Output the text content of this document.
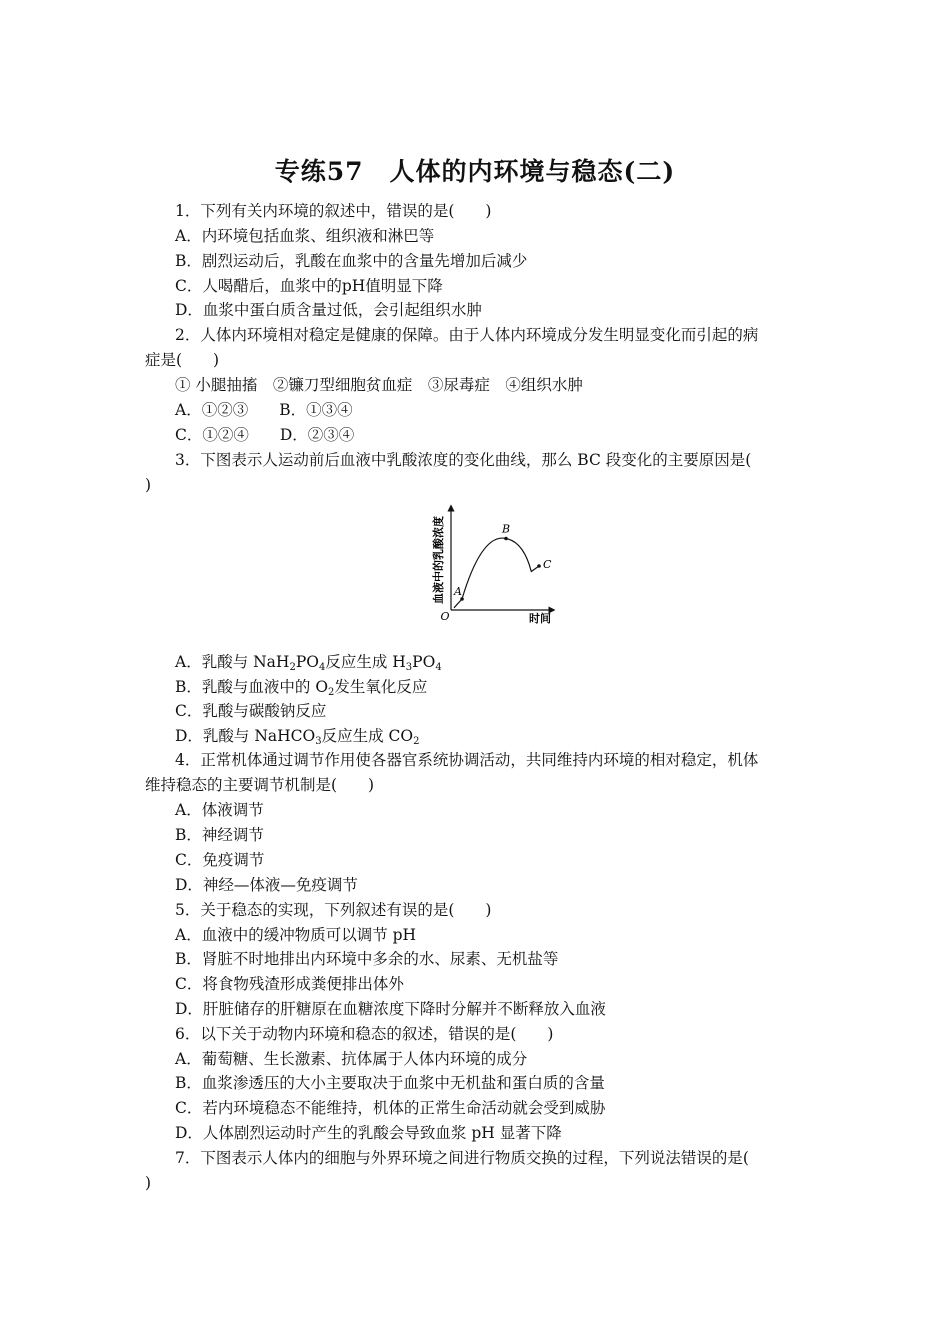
专练57　人体的内环境与稳态(二)
1．下列有关内环境的叙述中，错误的是(　　)
A．内环境包括血浆、组织液和淋巴等
B．剧烈运动后，乳酸在血浆中的含量先增加后减少
C．人喝醋后，血浆中的pH值明显下降
D．血浆中蛋白质含量过低，会引起组织水肿
2．人体内环境相对稳定是健康的保障。由于人体内环境成分发生明显变化而引起的病
症是(　　)
① 小腿抽搐　②镰刀型细胞贫血症　③尿毒症　④组织水肿
A．①②③　　B．①③④
C．①②④　　D．②③④
3．下图表示人运动前后血液中乳酸浓度的变化曲线，那么 BC 段变化的主要原因是(
)
血液中的乳酸浓度
时间
O
A
B
C
A．乳酸与 $NaH_2PO_4$反应生成 $H_3PO_4$
B．乳酸与血液中的 $O_2$发生氧化反应
C．乳酸与碳酸钠反应
D．乳酸与 NaHCO$_3$反应生成 $CO_2$
4．正常机体通过调节作用使各器官系统协调活动，共同维持内环境的相对稳定，机体
维持稳态的主要调节机制是(　　)
A．体液调节
B．神经调节
C．免疫调节
D．神经—体液—免疫调节
5．关于稳态的实现，下列叙述有误的是(　　)
A．血液中的缓冲物质可以调节 pH
B．肾脏不时地排出内环境中多余的水、尿素、无机盐等
C．将食物残渣形成粪便排出体外
D．肝脏储存的肝糖原在血糖浓度下降时分解并不断释放入血液
6．以下关于动物内环境和稳态的叙述，错误的是(　　)
A．葡萄糖、生长激素、抗体属于人体内环境的成分
B．血浆渗透压的大小主要取决于血浆中无机盐和蛋白质的含量
C．若内环境稳态不能维持，机体的正常生命活动就会受到威胁
D．人体剧烈运动时产生的乳酸会导致血浆 pH 显著下降
7．下图表示人体内的细胞与外界环境之间进行物质交换的过程，下列说法错误的是(
)
